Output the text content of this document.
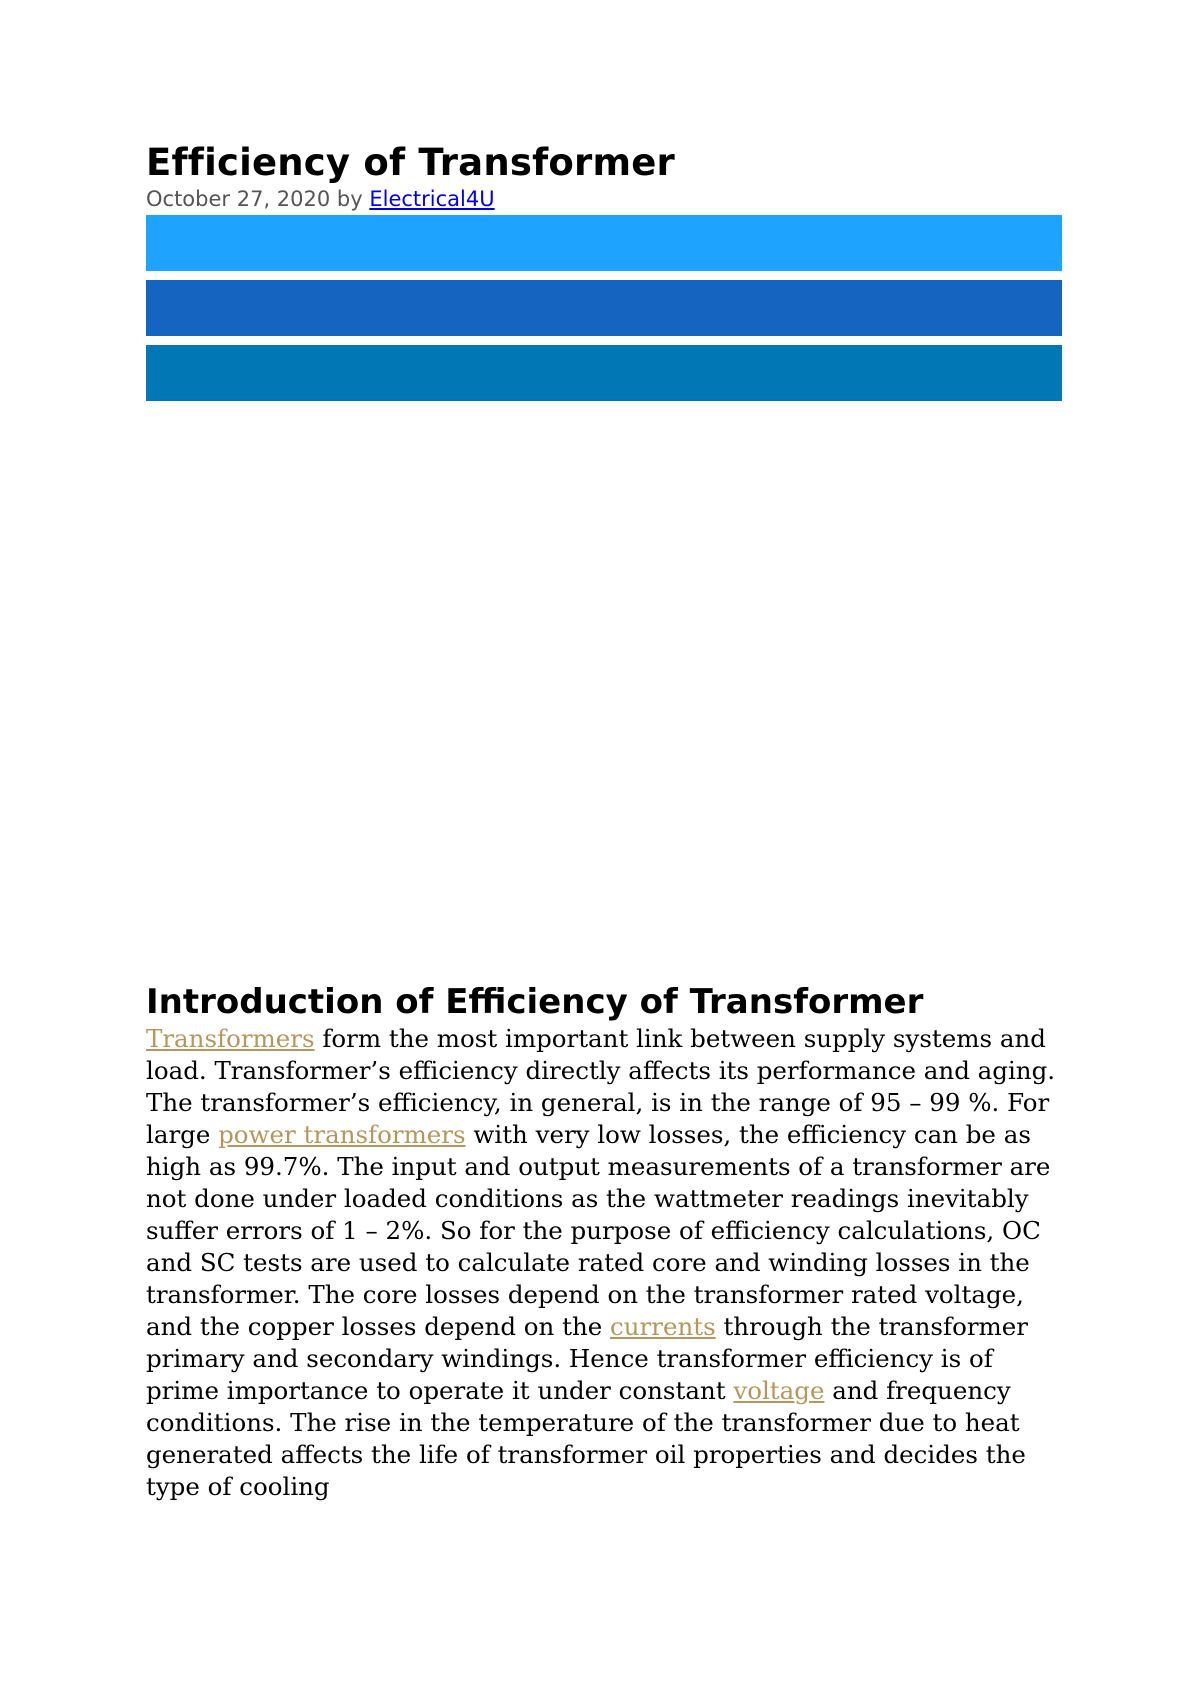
Efficiency of Transformer

October 27, 2020 by Electrical4U

Introduction of Efficiency of Transformer

Transformers form the most important link between supply systems and load. Transformer’s efficiency directly affects its performance and aging. The transformer’s efficiency, in general, is in the range of 95 – 99 %. For large power transformers with very low losses, the efficiency can be as high as 99.7%. The input and output measurements of a transformer are not done under loaded conditions as the wattmeter readings inevitably suffer errors of 1 – 2%. So for the purpose of efficiency calculations, OC and SC tests are used to calculate rated core and winding losses in the transformer. The core losses depend on the transformer rated voltage, and the copper losses depend on the currents through the transformer primary and secondary windings. Hence transformer efficiency is of prime importance to operate it under constant voltage and frequency conditions. The rise in the temperature of the transformer due to heat generated affects the life of transformer oil properties and decides the type of cooling
